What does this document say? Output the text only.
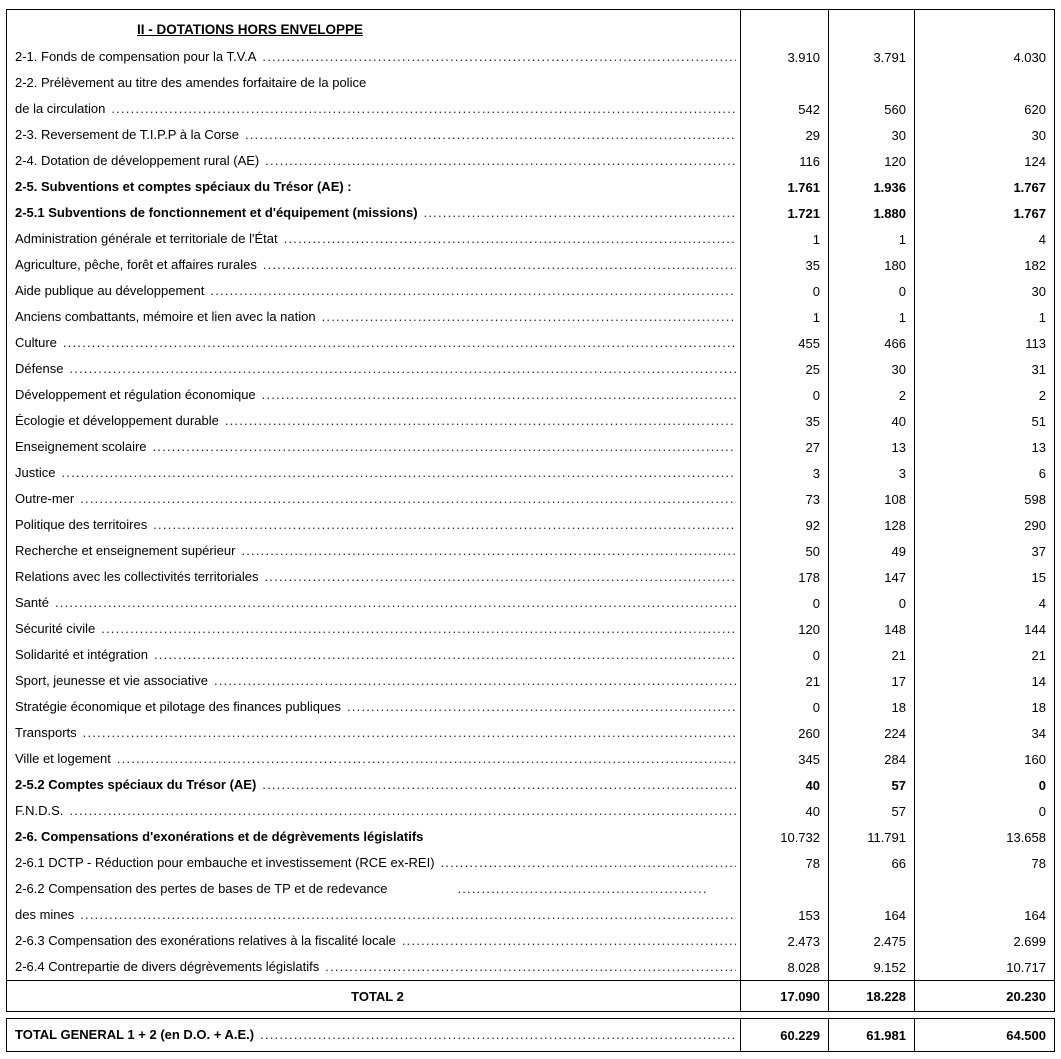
II - DOTATIONS HORS ENVELOPPE
2-1. Fonds de compensation pour la T.V.A .....	3.910	3.791	4.030
2-2. Prélèvement au titre des amendes forfaitaire de la police
de la circulation .....	542	560	620
2-3. Reversement de T.I.P.P à la Corse .....	29	30	30
2-4. Dotation de développement rural (AE) .....	116	120	124
2-5. Subventions et comptes spéciaux du Trésor (AE) :	1.761	1.936	1.767
2-5.1 Subventions de fonctionnement et d'équipement (missions) .....	1.721	1.880	1.767
Administration générale et territoriale de l'État .....	1	1	4
Agriculture, pêche, forêt et affaires rurales .....	35	180	182
Aide publique au développement .....	0	0	30
Anciens combattants, mémoire et lien avec la nation .....	1	1	1
Culture .....	455	466	113
Défense .....	25	30	31
Développement et régulation économique .....	0	2	2
Écologie et développement durable .....	35	40	51
Enseignement scolaire .....	27	13	13
Justice .....	3	3	6
Outre-mer .....	73	108	598
Politique des territoires .....	92	128	290
Recherche et enseignement supérieur .....	50	49	37
Relations avec les collectivités territoriales .....	178	147	15
Santé .....	0	0	4
Sécurité civile .....	120	148	144
Solidarité et intégration .....	0	21	21
Sport, jeunesse et vie associative .....	21	17	14
Stratégie économique et pilotage des finances publiques .....	0	18	18
Transports .....	260	224	34
Ville et logement .....	345	284	160
2-5.2 Comptes spéciaux du Trésor (AE) .....	40	57	0
F.N.D.S. .....	40	57	0
2-6. Compensations d'exonérations et de dégrèvements législatifs	10.732	11.791	13.658
2-6.1 DCTP - Réduction pour embauche et investissement (RCE ex-REI) .....	78	66	78
2-6.2 Compensation des pertes de bases de TP et de redevance
.....
des mines .....	153	164	164
2-6.3 Compensation des exonérations relatives à la fiscalité locale .....	2.473	2.475	2.699
2-6.4 Contrepartie de divers dégrèvements législatifs .....	8.028	9.152	10.717
TOTAL 2	17.090	18.228	20.230
TOTAL GENERAL 1 + 2 (en D.O. + A.E.) .....	60.229	61.981	64.500
